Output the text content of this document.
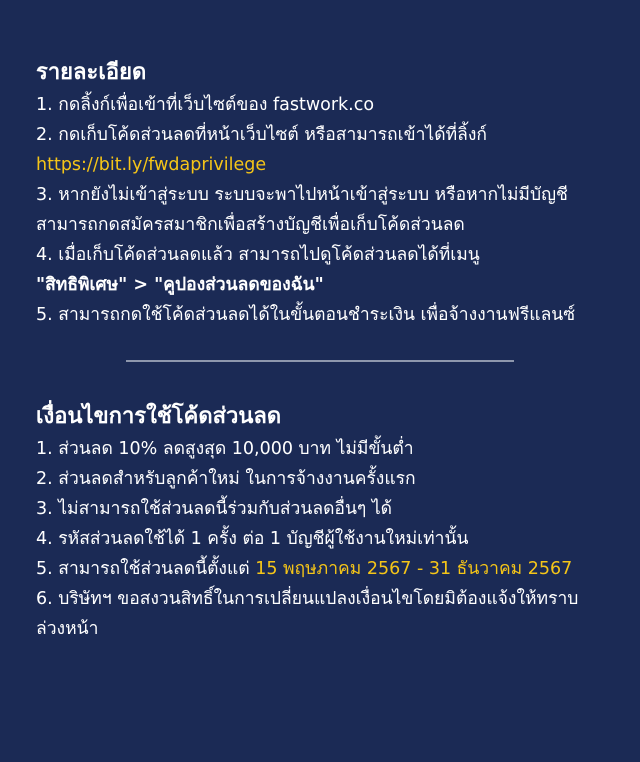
รายละเอียด
1. กดลิ้งก์เพื่อเข้าที่เว็บไซต์ของ fastwork.co
2. กดเก็บโค้ดส่วนลดที่หน้าเว็บไซต์ หรือสามารถเข้าได้ที่ลิ้งก์
https://bit.ly/fwdaprivilege
3. หากยังไม่เข้าสู่ระบบ ระบบจะพาไปหน้าเข้าสู่ระบบ หรือหากไม่มีบัญชี
สามารถกดสมัครสมาชิกเพื่อสร้างบัญชีเพื่อเก็บโค้ดส่วนลด
4. เมื่อเก็บโค้ดส่วนลดแล้ว สามารถไปดูโค้ดส่วนลดได้ที่เมนู
"สิทธิพิเศษ" > "คูปองส่วนลดของฉัน"
5. สามารถกดใช้โค้ดส่วนลดได้ในขั้นตอนชำระเงิน เพื่อจ้างงานฟรีแลนซ์
เงื่อนไขการใช้โค้ดส่วนลด
1. ส่วนลด 10% ลดสูงสุด 10,000 บาท ไม่มีขั้นต่ำ
2. ส่วนลดสำหรับลูกค้าใหม่ ในการจ้างงานครั้งแรก
3. ไม่สามารถใช้ส่วนลดนี้ร่วมกับส่วนลดอื่นๆ ได้
4. รหัสส่วนลดใช้ได้ 1 ครั้ง ต่อ 1 บัญชีผู้ใช้งานใหม่เท่านั้น
5. สามารถใช้ส่วนลดนี้ตั้งแต่ 15 พฤษภาคม 2567 - 31 ธันวาคม 2567
6. บริษัทฯ ขอสงวนสิทธิ์ในการเปลี่ยนแปลงเงื่อนไขโดยมิต้องแจ้งให้ทราบล่วงหน้า
